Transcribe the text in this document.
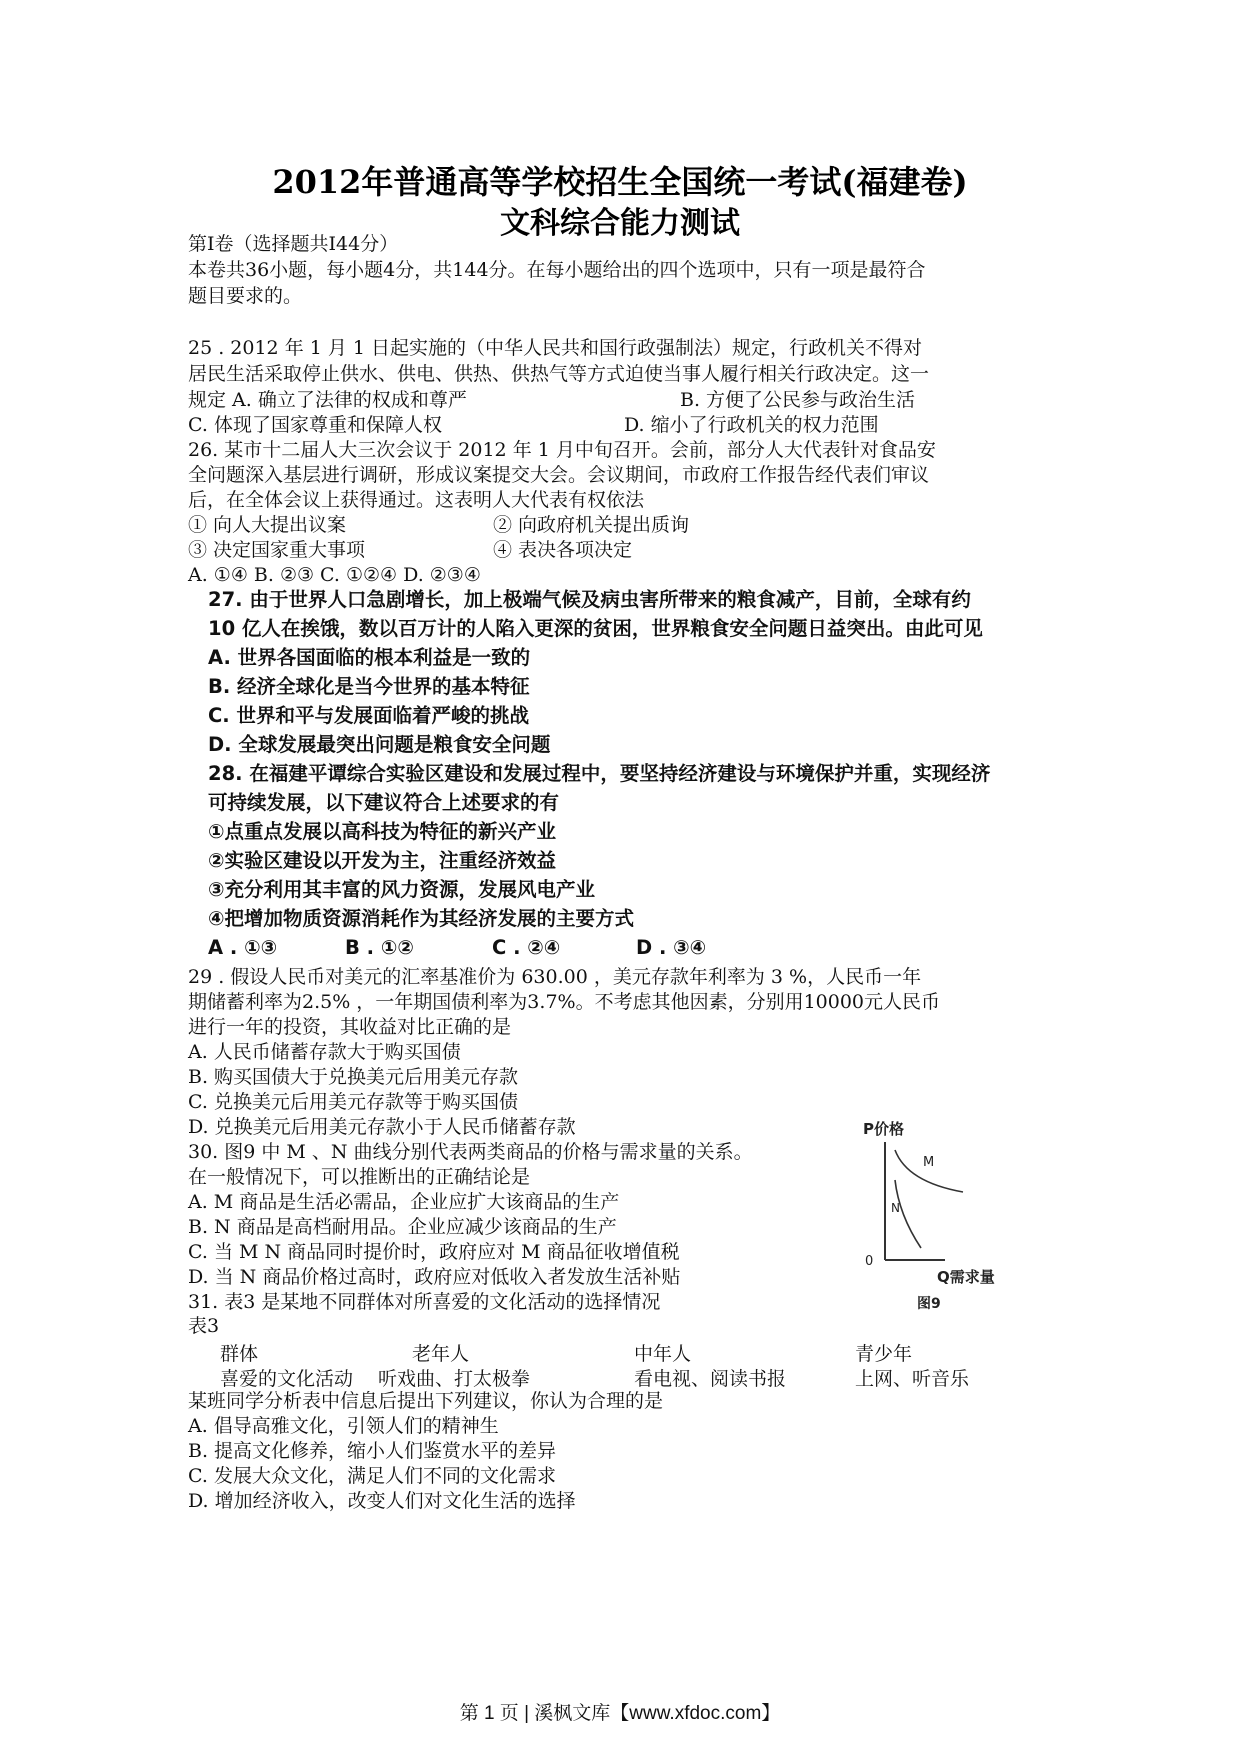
2012年普通高等学校招生全国统一考试(福建卷)
文科综合能力测试
第Ⅰ卷（选择题共Ⅰ44分）
本卷共36小题，每小题4分，共144分。在每小题给出的四个选项中，只有一项是最符合
题目要求的。
25 . 2012 年 1 月 1 日起实施的（中华人民共和国行政强制法）规定，行政机关不得对
居民生活采取停止供水、供电、供热、供热气等方式迫使当事人履行相关行政决定。这一
规定 A. 确立了法律的权成和尊严	B. 方便了公民参与政治生活
C. 体现了国家尊重和保障人权	D. 缩小了行政机关的权力范围
26. 某市十二届人大三次会议于 2012 年 1 月中旬召开。会前，部分人大代表针对食品安
全问题深入基层进行调研，形成议案提交大会。会议期间，市政府工作报告经代表们审议
后，在全体会议上获得通过。这表明人大代表有权依法
① 向人大提出议案	② 向政府机关提出质询
③ 决定国家重大事项	④ 表决各项决定
A. ①④ B. ②③ C. ①②④ D. ②③④
27. 由于世界人口急剧增长，加上极端气候及病虫害所带来的粮食减产，目前，全球有约
10 亿人在挨饿，数以百万计的人陷入更深的贫困，世界粮食安全问题日益突出。由此可见
A. 世界各国面临的根本利益是一致的
B. 经济全球化是当今世界的基本特征
C. 世界和平与发展面临着严峻的挑战
D. 全球发展最突出问题是粮食安全问题
28. 在福建平谭综合实验区建设和发展过程中，要坚持经济建设与环境保护并重，实现经济
可持续发展，以下建议符合上述要求的有
①点重点发展以高科技为特征的新兴产业
②实验区建设以开发为主，注重经济效益
③充分利用其丰富的风力资源，发展风电产业
④把增加物质资源消耗作为其经济发展的主要方式
A . ①③	B . ①②	C . ②④	D . ③④
29 . 假设人民币对美元的汇率基准价为 630.00 ，美元存款年利率为 3 %，人民币一年
期储蓄利率为2.5% ，一年期国债利率为3.7%。不考虑其他因素，分别用10000元人民币
进行一年的投资，其收益对比正确的是
A. 人民币储蓄存款大于购买国债
B. 购买国债大于兑换美元后用美元存款
C. 兑换美元后用美元存款等于购买国债
D. 兑换美元后用美元存款小于人民币储蓄存款
30. 图9 中 M 、N 曲线分别代表两类商品的价格与需求量的关系。
在一般情况下，可以推断出的正确结论是
A. M 商品是生活必需品，企业应扩大该商品的生产
B. N 商品是高档耐用品。企业应减少该商品的生产
C. 当 M N 商品同时提价时，政府应对 M 商品征收增值税
D. 当 N 商品价格过高时，政府应对低收入者发放生活补贴
P价格
M
N
0
Q需求量
图9
31. 表3 是某地不同群体对所喜爱的文化活动的选择情况
表3
群体	老年人	中年人	青少年
喜爱的文化活动 听戏曲、打太极拳	看电视、阅读书报	上网、听音乐
某班同学分析表中信息后提出下列建议，你认为合理的是
A. 倡导高雅文化，引领人们的精神生
B. 提高文化修养，缩小人们鉴赏水平的差异
C. 发展大众文化，满足人们不同的文化需求
D. 增加经济收入，改变人们对文化生活的选择
第 1 页 | 溪枫文库【www.xfdoc.com】
